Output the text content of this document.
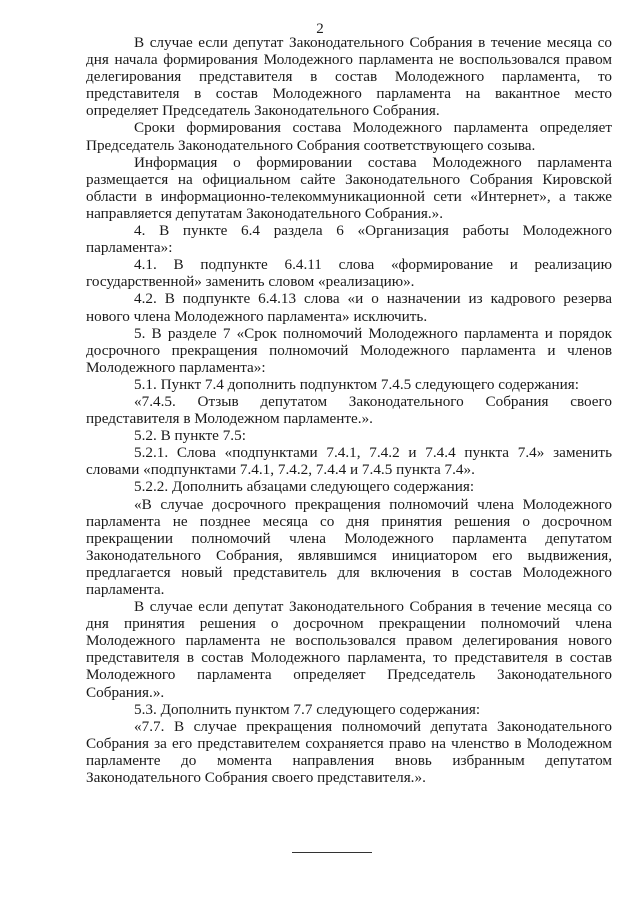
2

В случае если депутат Законодательного Собрания в течение месяца со дня начала формирования Молодежного парламента не воспользовался правом делегирования представителя в состав Молодежного парламента, то представителя в состав Молодежного парламента на вакантное место определяет Председатель Законодательного Собрания.

Сроки формирования состава Молодежного парламента определяет Председатель Законодательного Собрания соответствующего созыва.

Информация о формировании состава Молодежного парламента размещается на официальном сайте Законодательного Собрания Кировской области в информационно-телекоммуникационной сети «Интернет», а также направляется депутатам Законодательного Собрания.».

4. В пункте 6.4 раздела 6 «Организация работы Молодежного парламента»:

4.1. В подпункте 6.4.11 слова «формирование и реализацию государственной» заменить словом «реализацию».

4.2. В подпункте 6.4.13 слова «и о назначении из кадрового резерва нового члена Молодежного парламента» исключить.

5. В разделе 7 «Срок полномочий Молодежного парламента и порядок досрочного прекращения полномочий Молодежного парламента и членов Молодежного парламента»:

5.1. Пункт 7.4 дополнить подпунктом 7.4.5 следующего содержания:

«7.4.5. Отзыв депутатом Законодательного Собрания своего представителя в Молодежном парламенте.».

5.2. В пункте 7.5:

5.2.1. Слова «подпунктами 7.4.1, 7.4.2 и 7.4.4 пункта 7.4» заменить словами «подпунктами 7.4.1, 7.4.2, 7.4.4 и 7.4.5 пункта 7.4».

5.2.2. Дополнить абзацами следующего содержания:

«В случае досрочного прекращения полномочий члена Молодежного парламента не позднее месяца со дня принятия решения о досрочном прекращении полномочий члена Молодежного парламента депутатом Законодательного Собрания, являвшимся инициатором его выдвижения, предлагается новый представитель для включения в состав Молодежного парламента.

В случае если депутат Законодательного Собрания в течение месяца со дня принятия решения о досрочном прекращении полномочий члена Молодежного парламента не воспользовался правом делегирования нового представителя в состав Молодежного парламента, то представителя в состав Молодежного парламента определяет Председатель Законодательного Собрания.».

5.3. Дополнить пунктом 7.7 следующего содержания:

«7.7. В случае прекращения полномочий депутата Законодательного Собрания за его представителем сохраняется право на членство в Молодежном парламенте до момента направления вновь избранным депутатом Законодательного Собрания своего представителя.».
